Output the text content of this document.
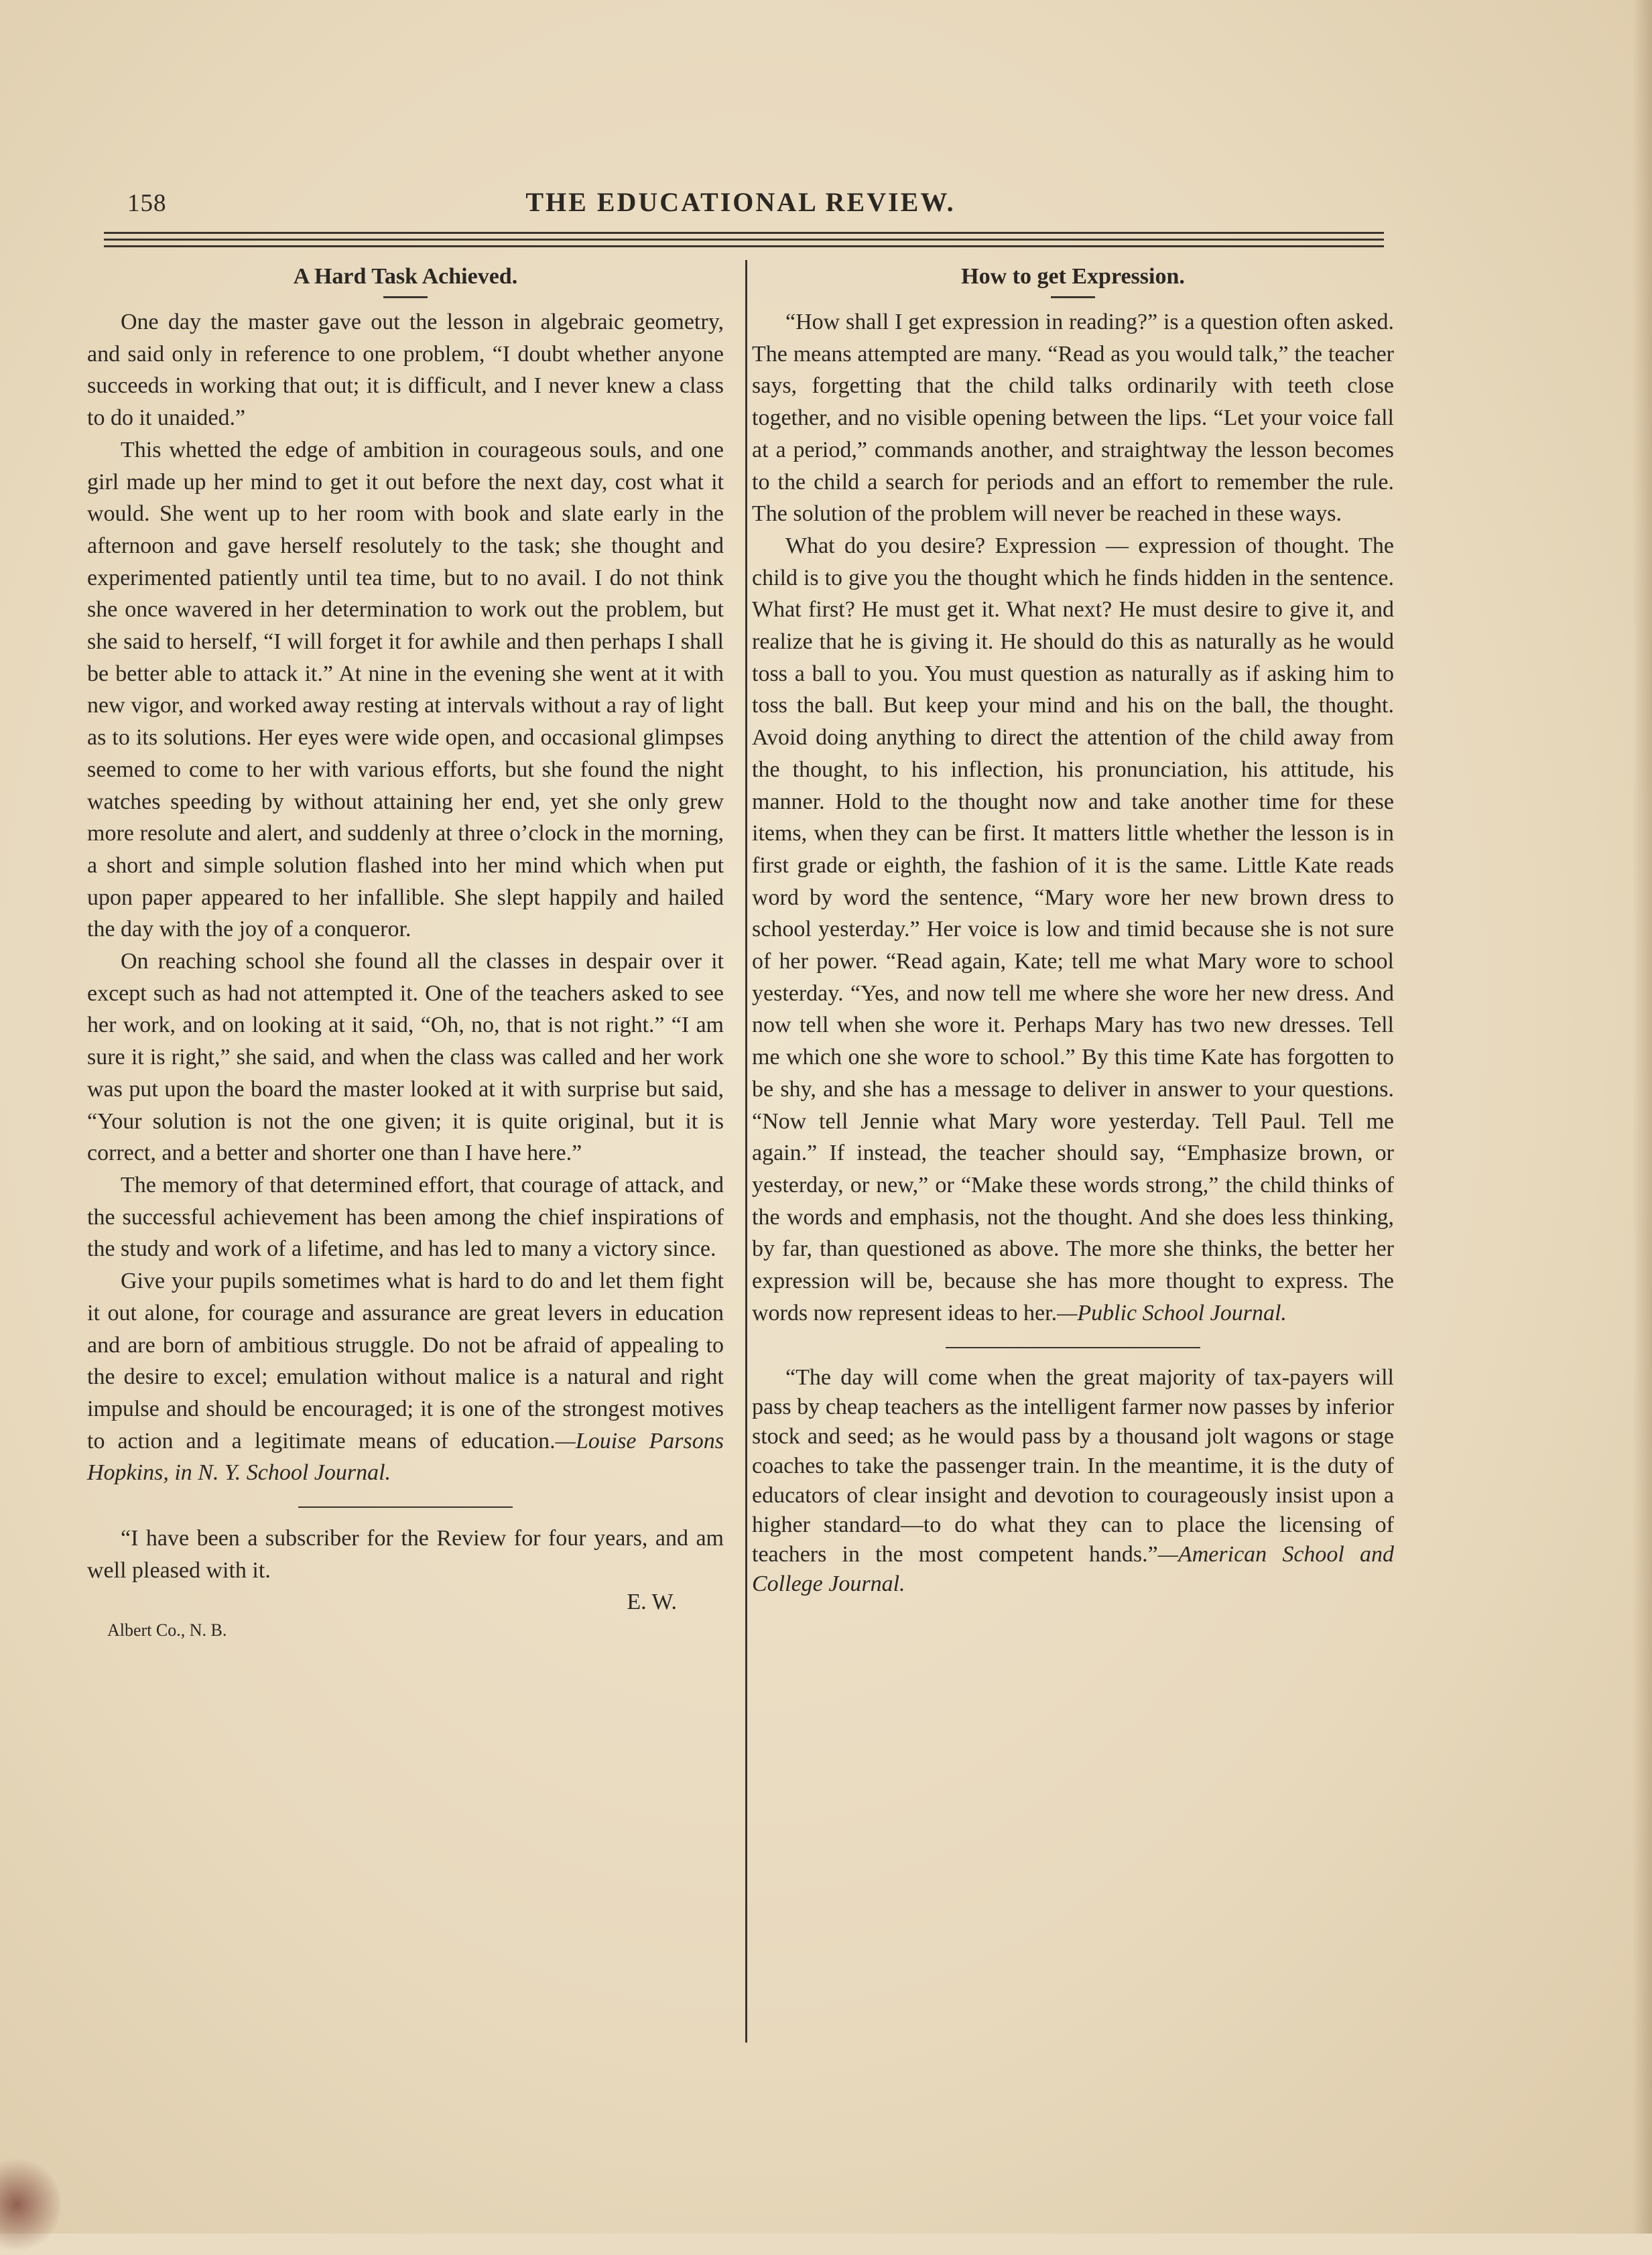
158	THE EDUCATIONAL REVIEW.
A Hard Task Achieved.

One day the master gave out the lesson in algebraic geometry, and said only in reference to one problem, “I doubt whether anyone succeeds in working that out; it is difficult, and I never knew a class to do it unaided.”

This whetted the edge of ambition in courageous souls, and one girl made up her mind to get it out before the next day, cost what it would. She went up to her room with book and slate early in the afternoon and gave herself resolutely to the task; she thought and experimented patiently until tea time, but to no avail. I do not think she once wavered in her determination to work out the problem, but she said to herself, “I will forget it for awhile and then perhaps I shall be better able to attack it.” At nine in the evening she went at it with new vigor, and worked away resting at intervals without a ray of light as to its solutions. Her eyes were wide open, and occasional glimpses seemed to come to her with various efforts, but she found the night watches speeding by without attaining her end, yet she only grew more resolute and alert, and suddenly at three o’clock in the morning, a short and simple solution flashed into her mind which when put upon paper appeared to her infallible. She slept happily and hailed the day with the joy of a conqueror.

On reaching school she found all the classes in despair over it except such as had not attempted it. One of the teachers asked to see her work, and on looking at it said, “Oh, no, that is not right.” “I am sure it is right,” she said, and when the class was called and her work was put upon the board the master looked at it with surprise but said, “Your solution is not the one given; it is quite original, but it is correct, and a better and shorter one than I have here.”

The memory of that determined effort, that courage of attack, and the successful achievement has been among the chief inspirations of the study and work of a lifetime, and has led to many a victory since.

Give your pupils sometimes what is hard to do and let them fight it out alone, for courage and assurance are great levers in education and are born of ambitious struggle. Do not be afraid of appealing to the desire to excel; emulation without malice is a natural and right impulse and should be encouraged; it is one of the strongest motives to action and a legitimate means of education.—Louise Parsons Hopkins, in N. Y. School Journal.

“I have been a subscriber for the Review for four years, and am well pleased with it.

E. W.

Albert Co., N. B.

How to get Expression.

“How shall I get expression in reading?” is a question often asked. The means attempted are many. “Read as you would talk,” the teacher says, forgetting that the child talks ordinarily with teeth close together, and no visible opening between the lips. “Let your voice fall at a period,” commands another, and straightway the lesson becomes to the child a search for periods and an effort to remember the rule. The solution of the problem will never be reached in these ways.

What do you desire? Expression — expression of thought. The child is to give you the thought which he finds hidden in the sentence. What first? He must get it. What next? He must desire to give it, and realize that he is giving it. He should do this as naturally as he would toss a ball to you. You must question as naturally as if asking him to toss the ball. But keep your mind and his on the ball, the thought. Avoid doing anything to direct the attention of the child away from the thought, to his inflection, his pronunciation, his attitude, his manner. Hold to the thought now and take another time for these items, when they can be first. It matters little whether the lesson is in first grade or eighth, the fashion of it is the same. Little Kate reads word by word the sentence, “Mary wore her new brown dress to school yesterday.” Her voice is low and timid because she is not sure of her power. “Read again, Kate; tell me what Mary wore to school yesterday. “Yes, and now tell me where she wore her new dress. And now tell when she wore it. Perhaps Mary has two new dresses. Tell me which one she wore to school.” By this time Kate has forgotten to be shy, and she has a message to deliver in answer to your questions. “Now tell Jennie what Mary wore yesterday. Tell Paul. Tell me again.” If instead, the teacher should say, “Emphasize brown, or yesterday, or new,” or “Make these words strong,” the child thinks of the words and emphasis, not the thought. And she does less thinking, by far, than questioned as above. The more she thinks, the better her expression will be, because she has more thought to express. The words now represent ideas to her.—Public School Journal.

“The day will come when the great majority of tax-payers will pass by cheap teachers as the intelligent farmer now passes by inferior stock and seed; as he would pass by a thousand jolt wagons or stage coaches to take the passenger train. In the meantime, it is the duty of educators of clear insight and devotion to courageously insist upon a higher standard—to do what they can to place the licensing of teachers in the most competent hands.”—American School and College Journal.
